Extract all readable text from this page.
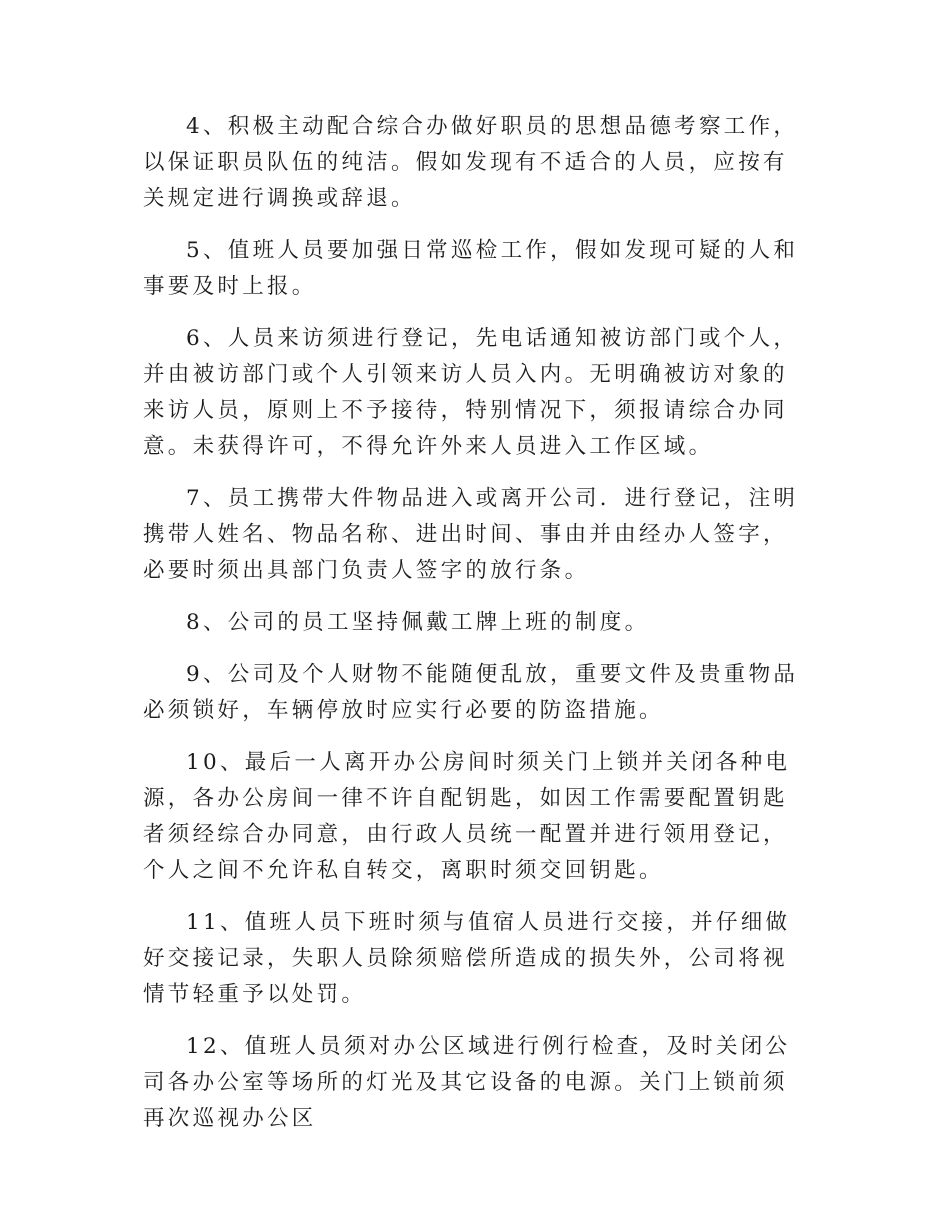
4、积极主动配合综合办做好职员的思想品德考察工作，以保证职员队伍的纯洁。假如发现有不适合的人员，应按有关规定进行调换或辞退。

5、值班人员要加强日常巡检工作，假如发现可疑的人和事要及时上报。

6、人员来访须进行登记，先电话通知被访部门或个人，并由被访部门或个人引领来访人员入内。无明确被访对象的来访人员，原则上不予接待，特别情况下，须报请综合办同意。未获得许可，不得允许外来人员进入工作区域。

7、员工携带大件物品进入或离开公司．进行登记，注明携带人姓名、物品名称、进出时间、事由并由经办人签字，必要时须出具部门负责人签字的放行条。

8、公司的员工坚持佩戴工牌上班的制度。

9、公司及个人财物不能随便乱放，重要文件及贵重物品必须锁好，车辆停放时应实行必要的防盗措施。

10、最后一人离开办公房间时须关门上锁并关闭各种电源，各办公房间一律不许自配钥匙，如因工作需要配置钥匙者须经综合办同意，由行政人员统一配置并进行领用登记，个人之间不允许私自转交，离职时须交回钥匙。

11、值班人员下班时须与值宿人员进行交接，并仔细做好交接记录，失职人员除须赔偿所造成的损失外，公司将视情节轻重予以处罚。

12、值班人员须对办公区域进行例行检查，及时关闭公司各办公室等场所的灯光及其它设备的电源。关门上锁前须再次巡视办公区
